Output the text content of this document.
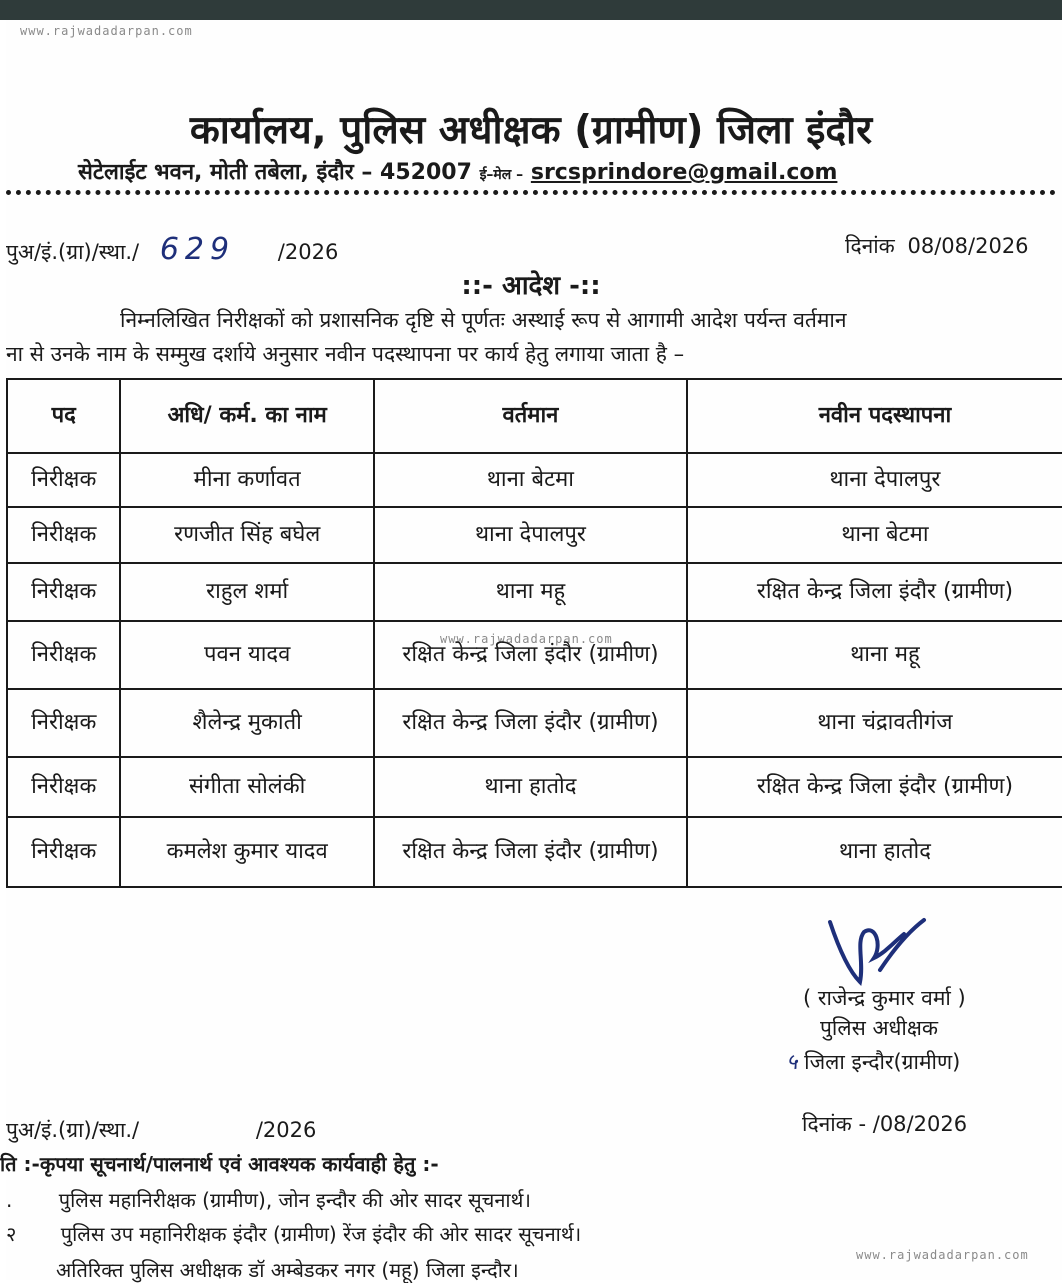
www.rajwadadarpan.com
www.rajwadadarpan.com
www.rajwadadarpan.com
कार्यालय, पुलिस अधीक्षक (ग्रामीण) जिला इंदौर
सेटेलाईट भवन, मोती तबेला, इंदौर – 452007 ई–मेल – srcsprindore@gmail.com
पुअ/इं.(ग्रा)/स्था./ 629 /2026	दिनांक 08/08/2026
::- आदेश -::
निम्नलिखित निरीक्षकों को प्रशासनिक दृष्टि से पूर्णतः अस्थाई रूप से आगामी आदेश पर्यन्त वर्तमान
ना से उनके नाम के सम्मुख दर्शाये अनुसार नवीन पदस्थापना पर कार्य हेतु लगाया जाता है –
पद	अधि/ कर्म. का नाम	वर्तमान	नवीन पदस्थापना
निरीक्षक	मीना कर्णावत	थाना बेटमा	थाना देपालपुर
निरीक्षक	रणजीत सिंह बघेल	थाना देपालपुर	थाना बेटमा
निरीक्षक	राहुल शर्मा	थाना महू	रक्षित केन्द्र जिला इंदौर (ग्रामीण)
निरीक्षक	पवन यादव	रक्षित केन्द्र जिला इंदौर (ग्रामीण)	थाना महू
निरीक्षक	शैलेन्द्र मुकाती	रक्षित केन्द्र जिला इंदौर (ग्रामीण)	थाना चंद्रावतीगंज
निरीक्षक	संगीता सोलंकी	थाना हातोद	रक्षित केन्द्र जिला इंदौर (ग्रामीण)
निरीक्षक	कमलेश कुमार यादव	रक्षित केन्द्र जिला इंदौर (ग्रामीण)	थाना हातोद
( राजेन्द्र कुमार वर्मा )
पुलिस अधीक्षक
५ जिला इन्दौर(ग्रामीण)
पुअ/इं.(ग्रा)/स्था./	/2026	दिनांक - /08/2026
ति :-कृपया सूचनार्थ/पालनार्थ एवं आवश्यक कार्यवाही हेतु :-
. पुलिस महानिरीक्षक (ग्रामीण), जोन इन्दौर की ओर सादर सूचनार्थ।
२ पुलिस उप महानिरीक्षक इंदौर (ग्रामीण) रेंज इंदौर की ओर सादर सूचनार्थ।
अतिरिक्त पुलिस अधीक्षक डॉ अम्बेडकर नगर (महू) जिला इन्दौर।
